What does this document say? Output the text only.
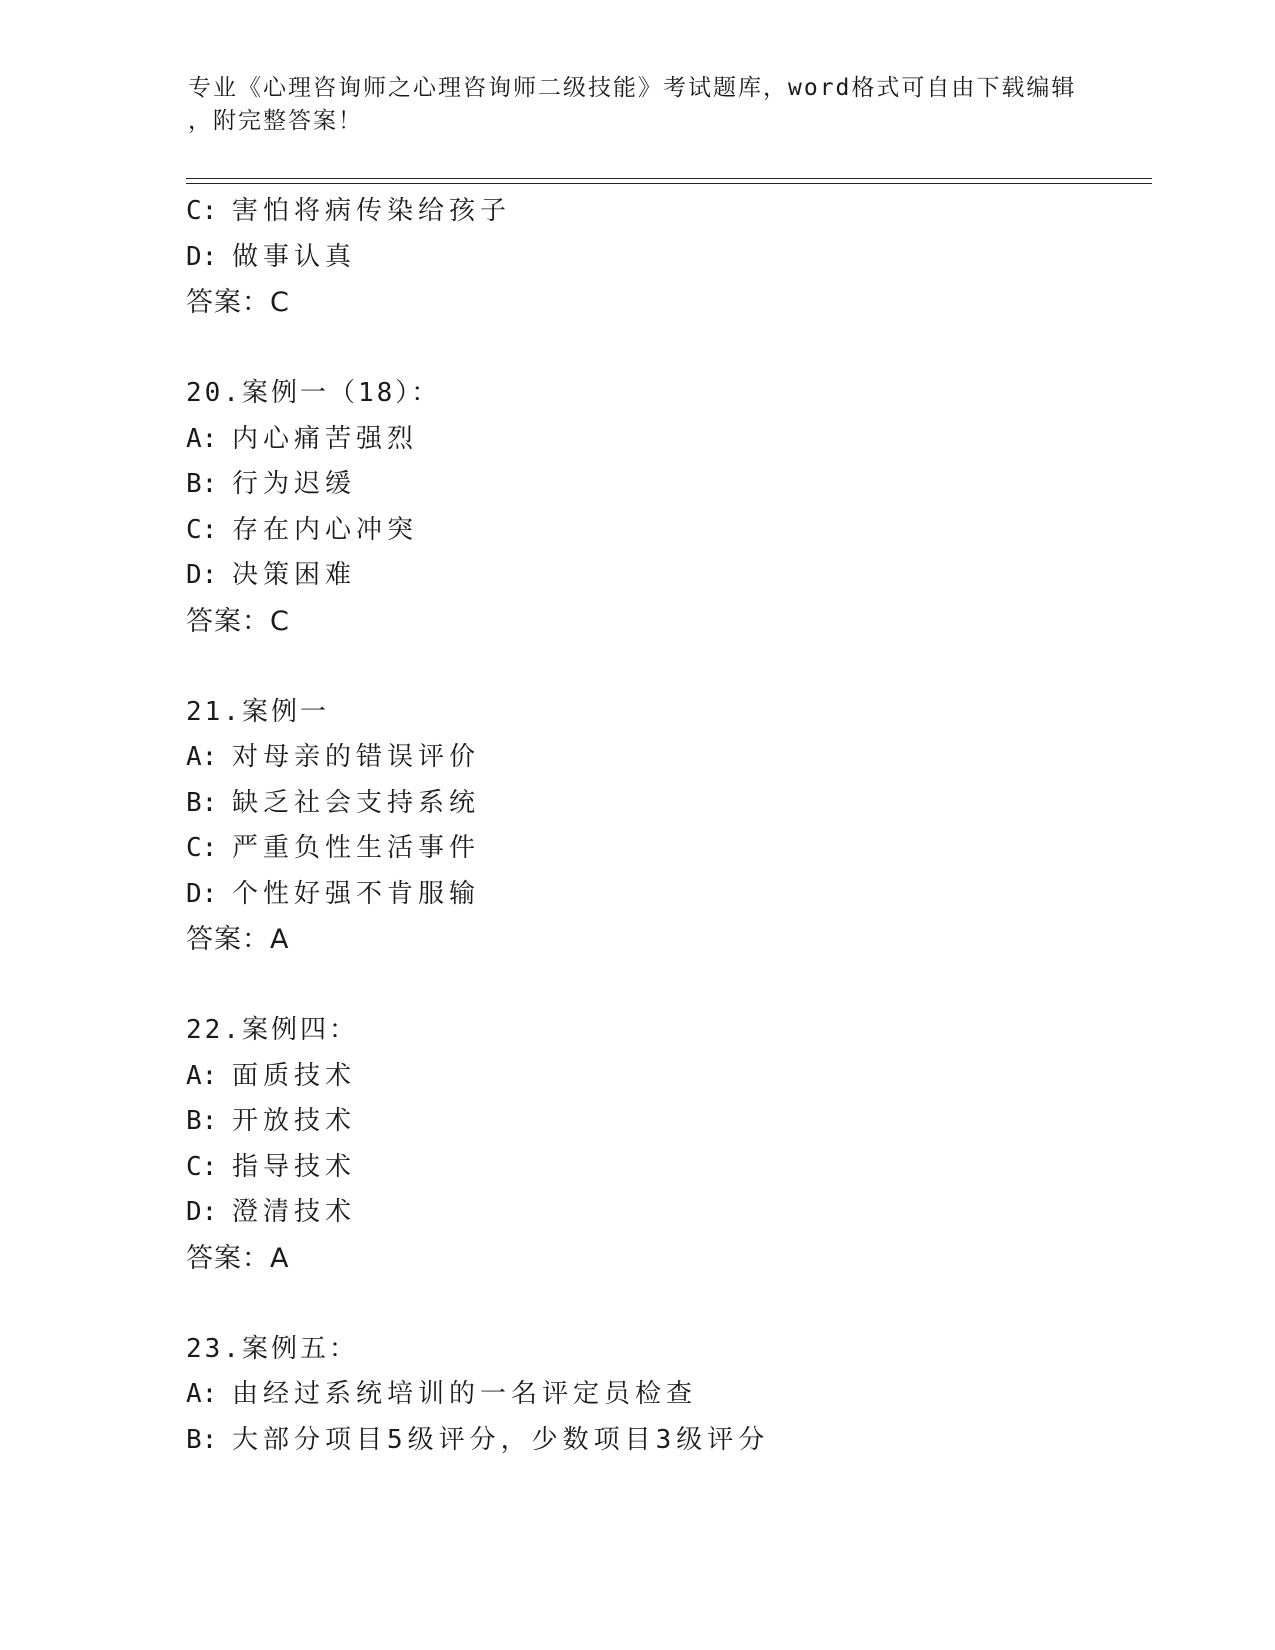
专业《心理咨询师之心理咨询师二级技能》考试题库，word格式可自由下载编辑
，附完整答案！
C: 害怕将病传染给孩子
D: 做事认真
答案：C
20.案例一（18）：
A: 内心痛苦强烈
B: 行为迟缓
C: 存在内心冲突
D: 决策困难
答案：C
21.案例一
A: 对母亲的错误评价
B: 缺乏社会支持系统
C: 严重负性生活事件
D: 个性好强不肯服输
答案：A
22.案例四：
A: 面质技术
B: 开放技术
C: 指导技术
D: 澄清技术
答案：A
23.案例五：
A: 由经过系统培训的一名评定员检查
B: 大部分项目5级评分，少数项目3级评分
